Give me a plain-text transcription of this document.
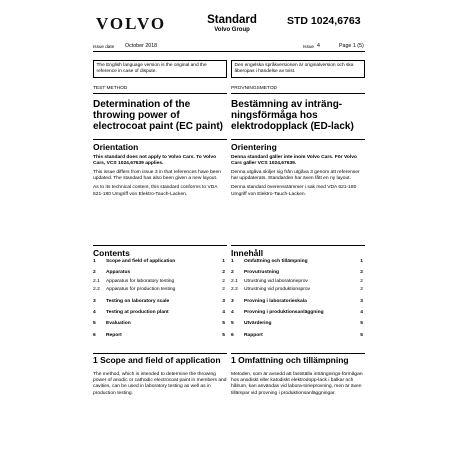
VOLVO	Standard
Volvo Group
STD 1024,6763
Issue date October 2018	Issue 4	Page 1 (5)
The English language version is the original and the reference in case of dispute.
Den engelska språkversionen är originalversion och ska åberopas i händelse av tvist.
TEST METHOD
Determination of the throwing power of electrocoat paint (EC paint)
Orientation
This standard does not apply to Volvo Cars. To Volvo Cars, VCS 1024,67639 applies.
This issue differs from issue 3 in that references have been updated. The standard has also been given a new layout.
As to its technical content, this standard conforms to VDA 621-180 Umgriff von Elektro-Tauch-Lacken.
PROVNINGSMETOD
Bestämning av inträng-ningsförmåga hos elektrodopplack (ED-lack)
Orientering
Denna standard gäller inte inom Volvo Cars. För Volvo Cars gäller VCS 1024,67639.
Denna utgåva skiljer sig från utgåva 3 genom att referenser har uppdaterats. Standarden har även fått en ny layout.
Denna standard överensstämmer i sak med VDA 621-180 Umgriff von Elektro-Tauch-Lacken.
Contents	Innehåll
1 Scope and field of application	1
2 Apparatus	2
2.1 Apparatus for laboratory testing	2
2.2 Apparatus for production testing	2
3 Testing on laboratory scale	3
4 Testing at production plant	4
5 Evaluation	5
6 Report	5
1 Omfattning och tillämpning	1
2 Provutrustning	2
2.1 Utrustning vid laboratorieprov	2
2.2 Utrustning vid produktionsprov	2
3 Provning i laboratorieskala	3
4 Provning i produktionsanläggning	4
5 Utvärdering	5
6 Rapport	5
1 Scope and field of application	1 Omfattning och tillämpning
The method, which is intended to determine the throwing power of anodic or cathodic electrocoat paint in members and cavities, can be used in laboratory testing as well as in production testing.
Metoden, som är avsedd att fastställa inträngnings-förmågan hos anodiskt eller katodiskt elektrodopp-lack i balkar och hålrum, kan användas vid labora-torieprovning, men är även tillämpar vid provning i produktionsanläggningar.
